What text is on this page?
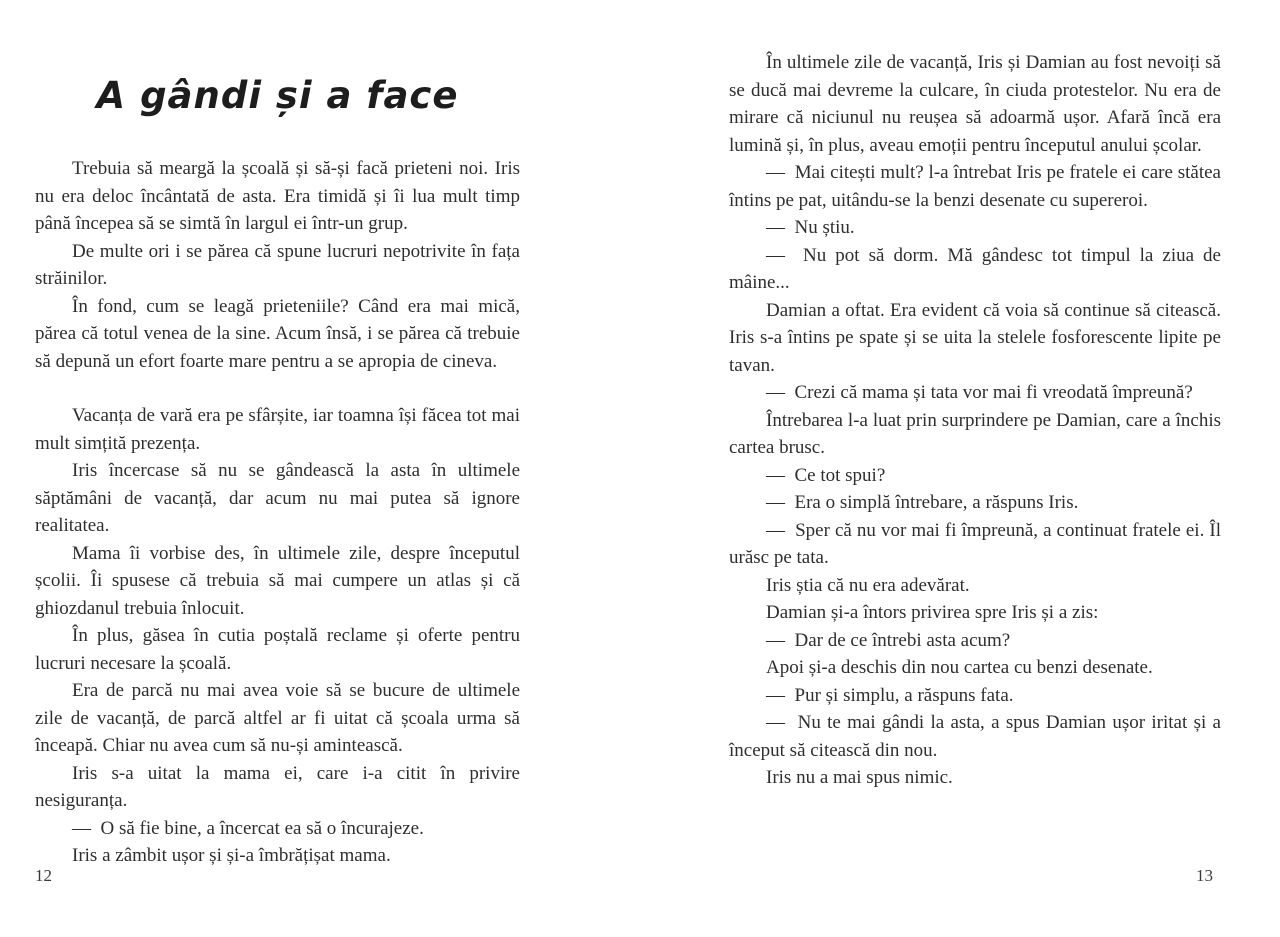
A gândi și a face

Trebuia să meargă la școală și să-și facă prieteni noi. Iris nu era deloc încântată de asta. Era timidă și îi lua mult timp până începea să se simtă în largul ei într-un grup.

De multe ori i se părea că spune lucruri nepotrivite în fața străinilor.

În fond, cum se leagă prieteniile? Când era mai mică, părea că totul venea de la sine. Acum însă, i se părea că trebuie să depună un efort foarte mare pentru a se apropia de cineva.

Vacanța de vară era pe sfârșite, iar toamna își făcea tot mai mult simțită prezența.

Iris încercase să nu se gândească la asta în ultimele săptămâni de vacanță, dar acum nu mai putea să ignore realitatea.

Mama îi vorbise des, în ultimele zile, despre începutul școlii. Îi spusese că trebuia să mai cumpere un atlas și că ghiozdanul trebuia înlocuit.

În plus, găsea în cutia poștală reclame și oferte pentru lucruri necesare la școală.

Era de parcă nu mai avea voie să se bucure de ultimele zile de vacanță, de parcă altfel ar fi uitat că școala urma să înceapă. Chiar nu avea cum să nu-și amintească.

Iris s-a uitat la mama ei, care i-a citit în privire nesiguranța.

—  O să fie bine, a încercat ea să o încurajeze.

Iris a zâmbit ușor și și-a îmbrățișat mama.

12

În ultimele zile de vacanță, Iris și Damian au fost nevoiți să se ducă mai devreme la culcare, în ciuda protestelor. Nu era de mirare că niciunul nu reușea să adoarmă ușor. Afară încă era lumină și, în plus, aveau emoții pentru începutul anului școlar.

—  Mai citești mult? l-a întrebat Iris pe fratele ei care stătea întins pe pat, uitându-se la benzi desenate cu supereroi.

—  Nu știu.

—  Nu pot să dorm. Mă gândesc tot timpul la ziua de mâine...

Damian a oftat. Era evident că voia să continue să citească. Iris s-a întins pe spate și se uita la stelele fosforescente lipite pe tavan.

—  Crezi că mama și tata vor mai fi vreodată împreună?

Întrebarea l-a luat prin surprindere pe Damian, care a închis cartea brusc.

—  Ce tot spui?

—  Era o simplă întrebare, a răspuns Iris.

—  Sper că nu vor mai fi împreună, a continuat fratele ei. Îl urăsc pe tata.

Iris știa că nu era adevărat.

Damian și-a întors privirea spre Iris și a zis:

—  Dar de ce întrebi asta acum?

Apoi și-a deschis din nou cartea cu benzi desenate.

—  Pur și simplu, a răspuns fata.

—  Nu te mai gândi la asta, a spus Damian ușor iritat și a început să citească din nou.

Iris nu a mai spus nimic.

13
